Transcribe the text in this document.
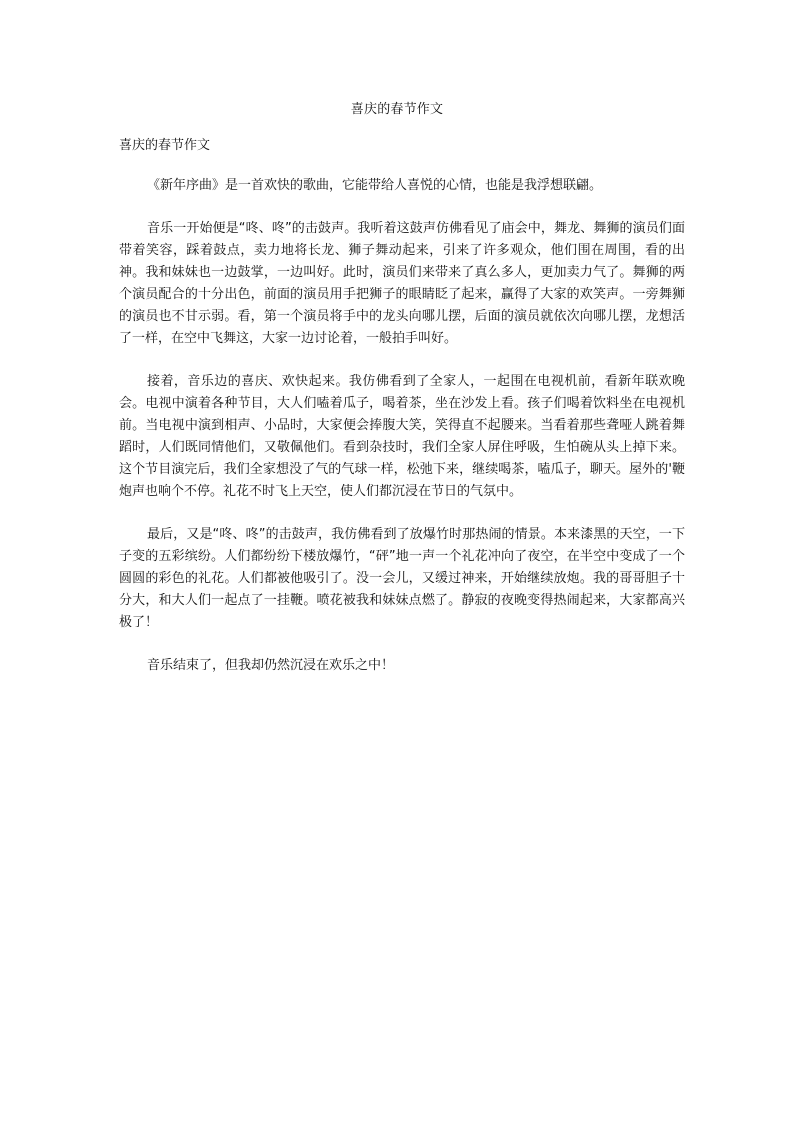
喜庆的春节作文
喜庆的春节作文

《新年序曲》是一首欢快的歌曲，它能带给人喜悦的心情，也能是我浮想联翩。

音乐一开始便是“咚、咚”的击鼓声。我听着这鼓声仿佛看见了庙会中，舞龙、舞狮的演员们面带着笑容，踩着鼓点，卖力地将长龙、狮子舞动起来，引来了许多观众，他们围在周围，看的出神。我和妹妹也一边鼓掌，一边叫好。此时，演员们来带来了真么多人，更加卖力气了。舞狮的两个演员配合的十分出色，前面的演员用手把狮子的眼睛眨了起来，赢得了大家的欢笑声。一旁舞狮的演员也不甘示弱。看，第一个演员将手中的龙头向哪儿摆，后面的演员就依次向哪儿摆，龙想活了一样，在空中飞舞这，大家一边讨论着，一般拍手叫好。

接着，音乐边的喜庆、欢快起来。我仿佛看到了全家人，一起围在电视机前，看新年联欢晚会。电视中演着各种节目，大人们嗑着瓜子，喝着茶，坐在沙发上看。孩子们喝着饮料坐在电视机前。当电视中演到相声、小品时，大家便会捧腹大笑，笑得直不起腰来。当看着那些聋哑人跳着舞蹈时，人们既同情他们，又敬佩他们。看到杂技时，我们全家人屏住呼吸，生怕碗从头上掉下来。这个节目演完后，我们全家想没了气的气球一样，松弛下来，继续喝茶，嗑瓜子，聊天。屋外的'鞭炮声也响个不停。礼花不时飞上天空，使人们都沉浸在节日的气氛中。

最后，又是“咚、咚”的击鼓声，我仿佛看到了放爆竹时那热闹的情景。本来漆黑的天空，一下子变的五彩缤纷。人们都纷纷下楼放爆竹，“砰”地一声一个礼花冲向了夜空，在半空中变成了一个圆圆的彩色的礼花。人们都被他吸引了。没一会儿，又缓过神来，开始继续放炮。我的哥哥胆子十分大，和大人们一起点了一挂鞭。喷花被我和妹妹点燃了。静寂的夜晚变得热闹起来，大家都高兴极了！

音乐结束了，但我却仍然沉浸在欢乐之中！
